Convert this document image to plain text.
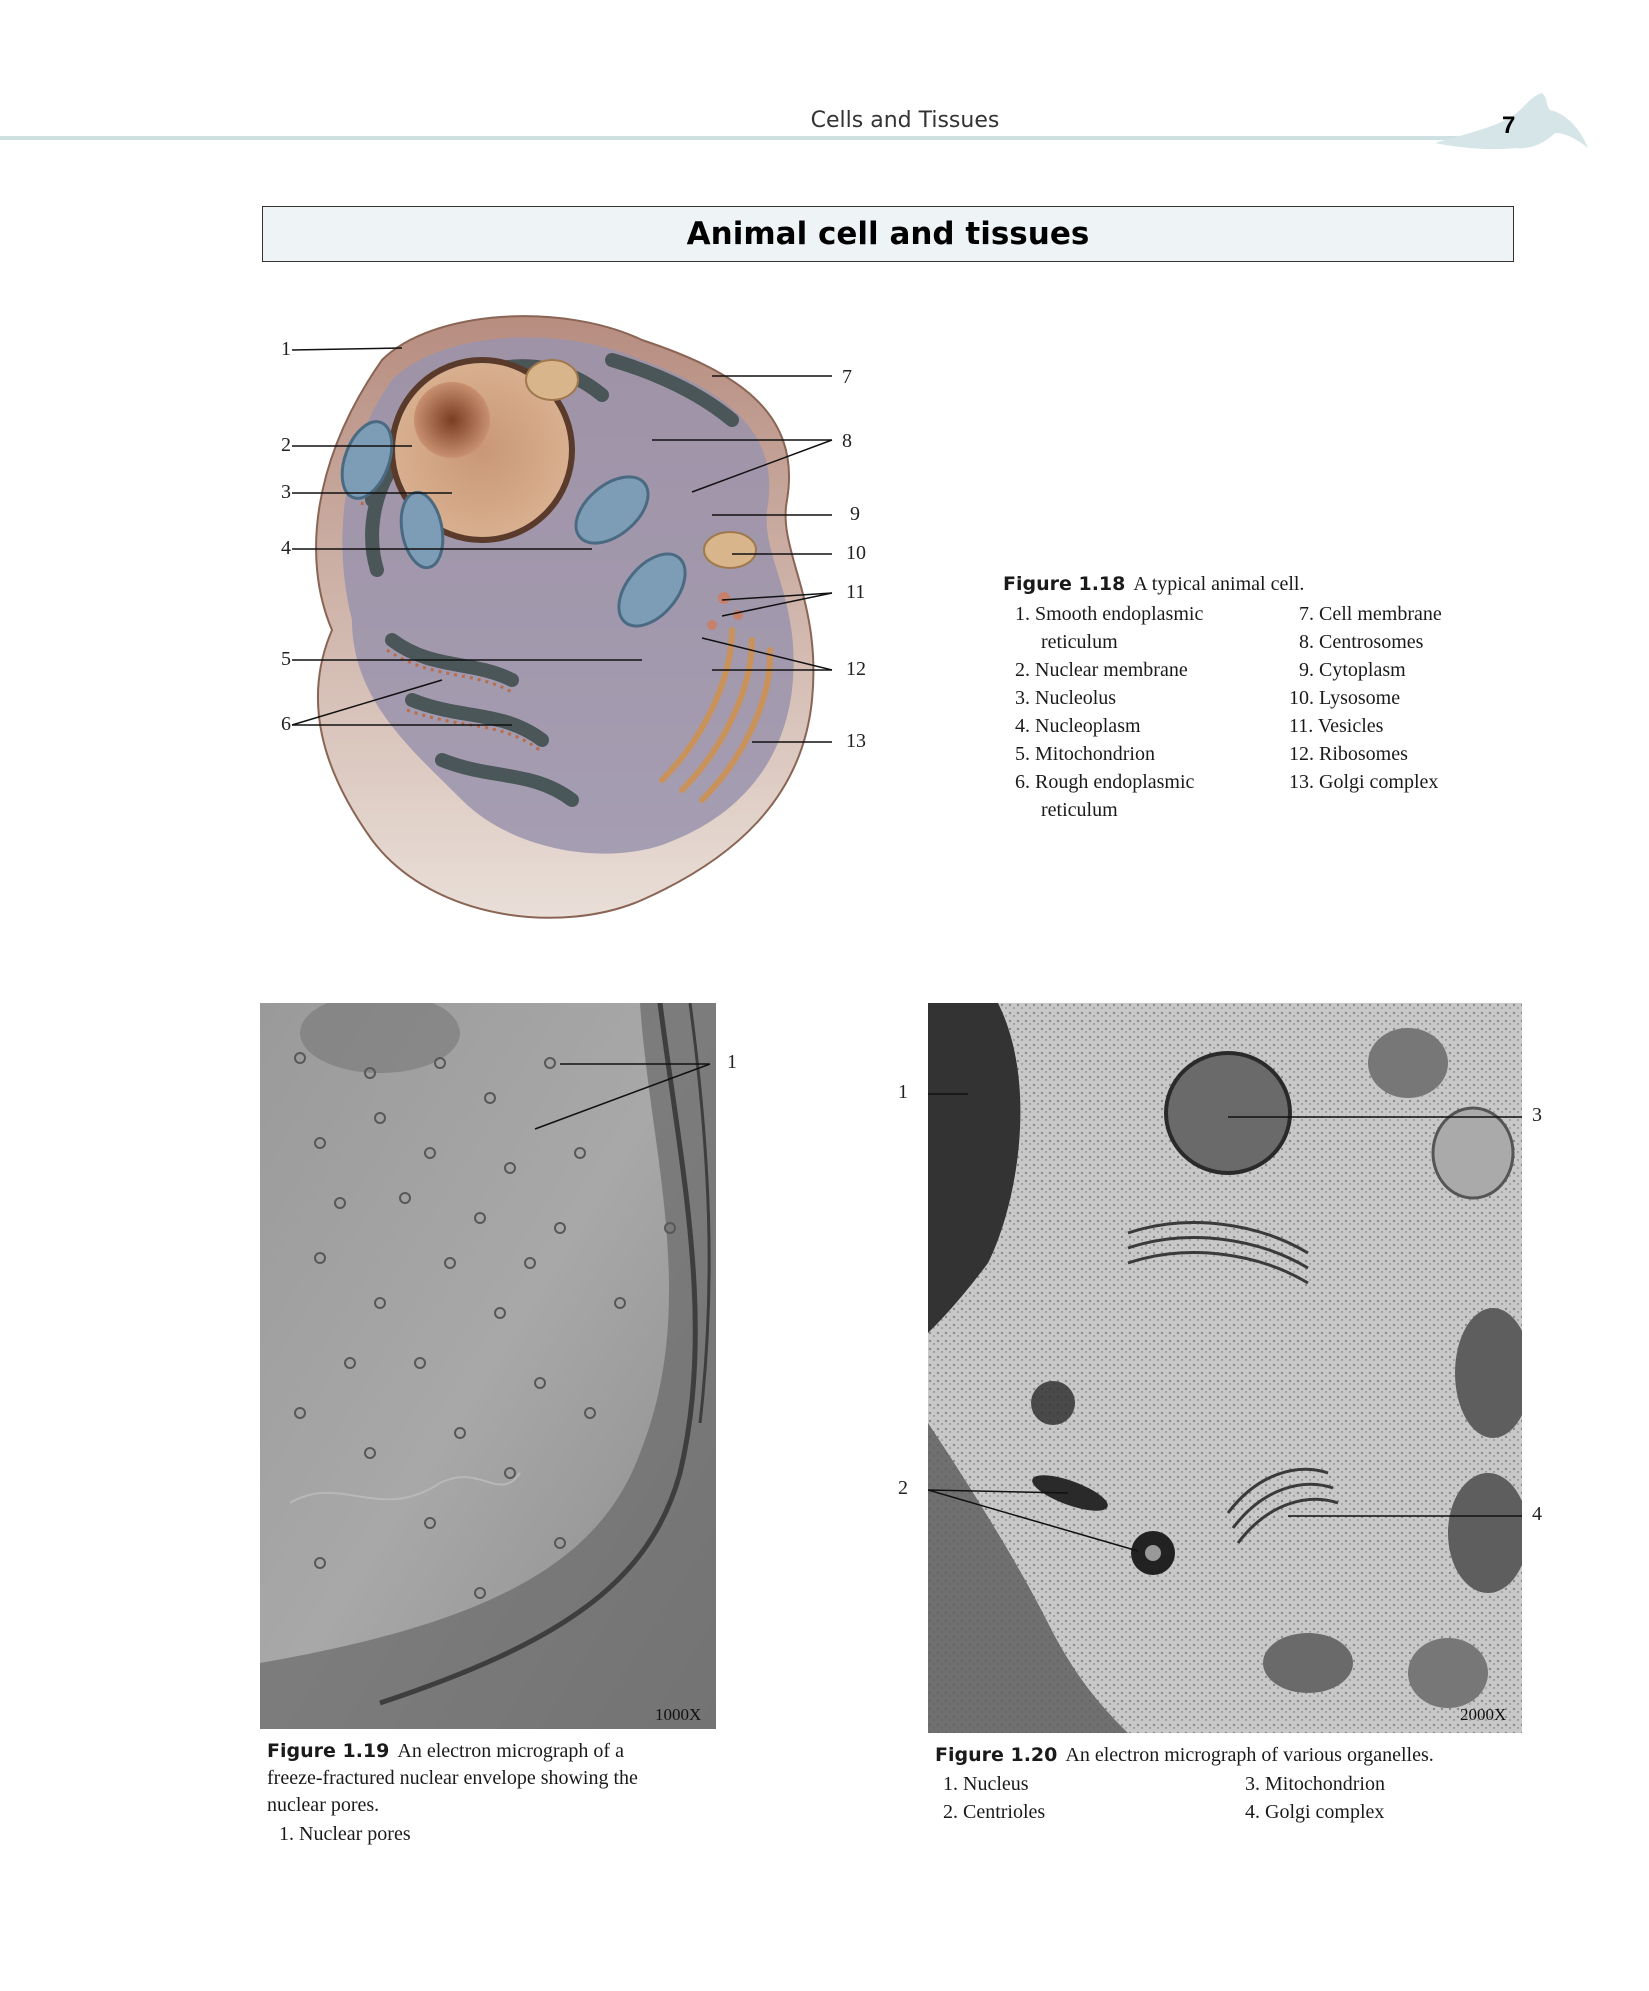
Cells and Tissues	7
Animal cell and tissues
1
2
3
4
5
6
7
8
9
10
11
12
13
Figure 1.18 A typical animal cell.
1. Smooth endoplasmic
reticulum
2. Nuclear membrane
3. Nucleolus
4. Nucleoplasm
5. Mitochondrion
6. Rough endoplasmic
reticulum
7. Cell membrane
8. Centrosomes
9. Cytoplasm
10. Lysosome
11. Vesicles
12. Ribosomes
13. Golgi complex
1
1000X
Figure 1.19 An electron micrograph of a
freeze-fractured nuclear envelope showing the
nuclear pores.
1. Nuclear pores
1
2
3
4
2000X
Figure 1.20 An electron micrograph of various organelles.
1. Nucleus
2. Centrioles
3. Mitochondrion
4. Golgi complex
